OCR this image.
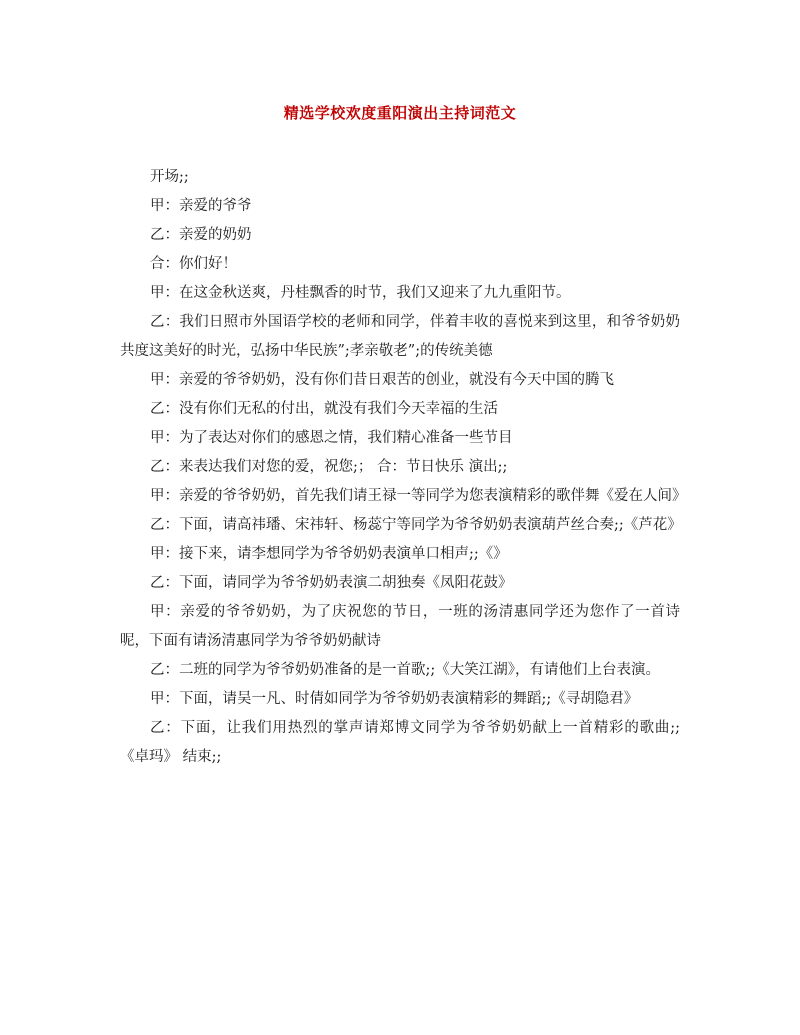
精选学校欢度重阳演出主持词范文

开场;;

甲：亲爱的爷爷

乙：亲爱的奶奶

合：你们好！

甲：在这金秋送爽，丹桂飘香的时节，我们又迎来了九九重阳节。

乙：我们日照市外国语学校的老师和同学，伴着丰收的喜悦来到这里，和爷爷奶奶共度这美好的时光，弘扬中华民族”;孝亲敬老”;的传统美德

甲：亲爱的爷爷奶奶，没有你们昔日艰苦的创业，就没有今天中国的腾飞

乙：没有你们无私的付出，就没有我们今天幸福的生活

甲：为了表达对你们的感恩之情，我们精心准备一些节目

乙：来表达我们对您的爱，祝您;； 合：节日快乐 演出;;

甲：亲爱的爷爷奶奶，首先我们请王禄一等同学为您表演精彩的歌伴舞《爱在人间》

乙：下面，请高祎璠、宋祎轩、杨蕊宁等同学为爷爷奶奶表演葫芦丝合奏;;《芦花》

甲：接下来，请李想同学为爷爷奶奶表演单口相声;;《》

乙：下面，请同学为爷爷奶奶表演二胡独奏《凤阳花鼓》

甲：亲爱的爷爷奶奶，为了庆祝您的节日，一班的汤清惠同学还为您作了一首诗呢，下面有请汤清惠同学为爷爷奶奶献诗

乙：二班的同学为爷爷奶奶准备的是一首歌;;《大笑江湖》，有请他们上台表演。

甲：下面，请吴一凡、时倩如同学为爷爷奶奶表演精彩的舞蹈;;《寻胡隐君》

乙：下面，让我们用热烈的掌声请郑博文同学为爷爷奶奶献上一首精彩的歌曲;;《卓玛》 结束;;
